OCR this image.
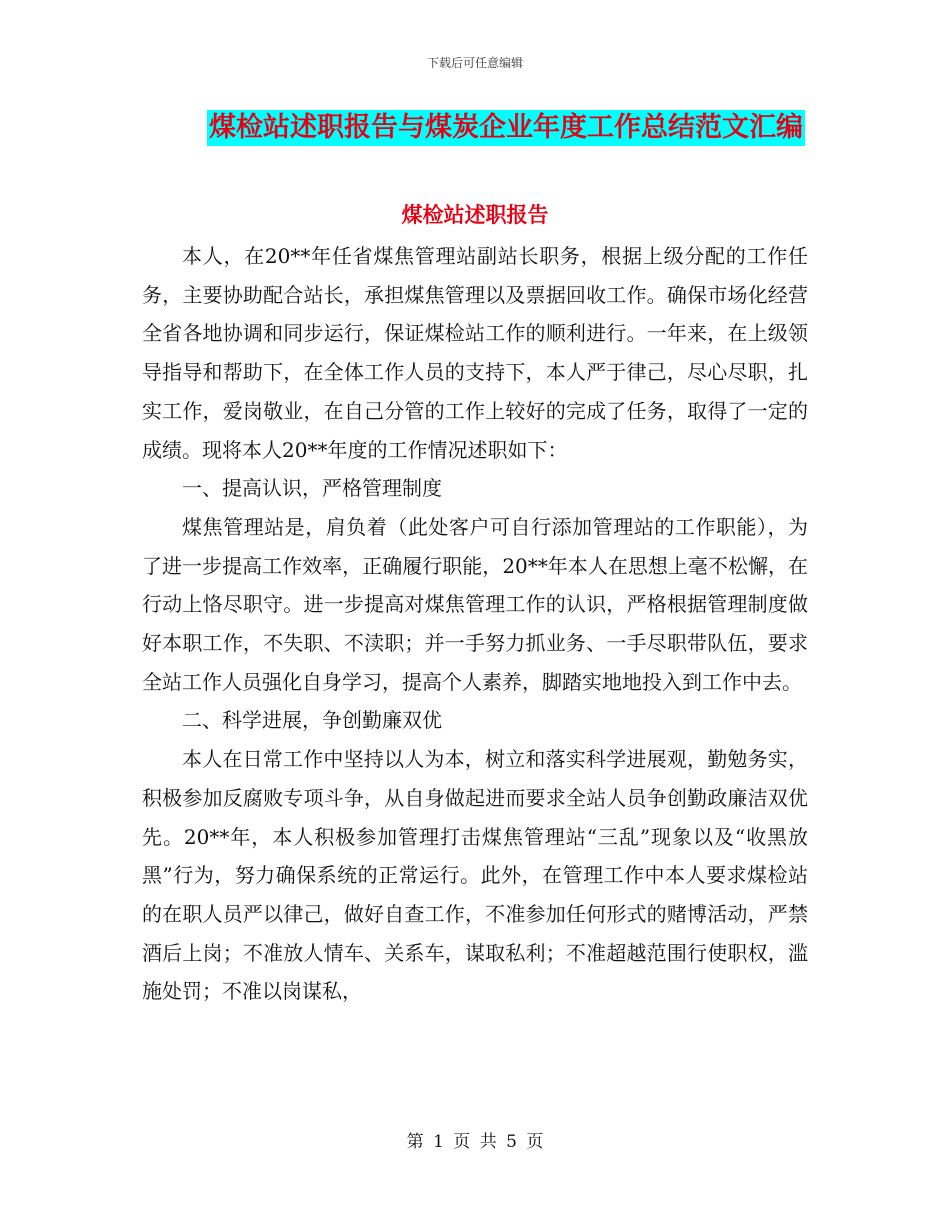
下载后可任意编辑
煤检站述职报告与煤炭企业年度工作总结范文汇编
煤检站述职报告

本人，在20**年任省煤焦管理站副站长职务，根据上级分配的工作任务，主要协助配合站长，承担煤焦管理以及票据回收工作。确保市场化经营全省各地协调和同步运行，保证煤检站工作的顺利进行。一年来，在上级领导指导和帮助下，在全体工作人员的支持下，本人严于律己，尽心尽职，扎实工作，爱岗敬业，在自己分管的工作上较好的完成了任务，取得了一定的成绩。现将本人20**年度的工作情况述职如下：

一、提高认识，严格管理制度

煤焦管理站是，肩负着（此处客户可自行添加管理站的工作职能），为了进一步提高工作效率，正确履行职能，20**年本人在思想上毫不松懈，在行动上恪尽职守。进一步提高对煤焦管理工作的认识，严格根据管理制度做好本职工作，不失职、不渎职；并一手努力抓业务、一手尽职带队伍，要求全站工作人员强化自身学习，提高个人素养，脚踏实地地投入到工作中去。

二、科学进展，争创勤廉双优

本人在日常工作中坚持以人为本，树立和落实科学进展观，勤勉务实，积极参加反腐败专项斗争，从自身做起进而要求全站人员争创勤政廉洁双优先。20**年，本人积极参加管理打击煤焦管理站“三乱”现象以及“收黑放黑”行为，努力确保系统的正常运行。此外，在管理工作中本人要求煤检站的在职人员严以律己，做好自查工作，不准参加任何形式的赌博活动，严禁酒后上岗；不准放人情车、关系车，谋取私利；不准超越范围行使职权，滥施处罚；不准以岗谋私，

第 1 页 共 5 页
